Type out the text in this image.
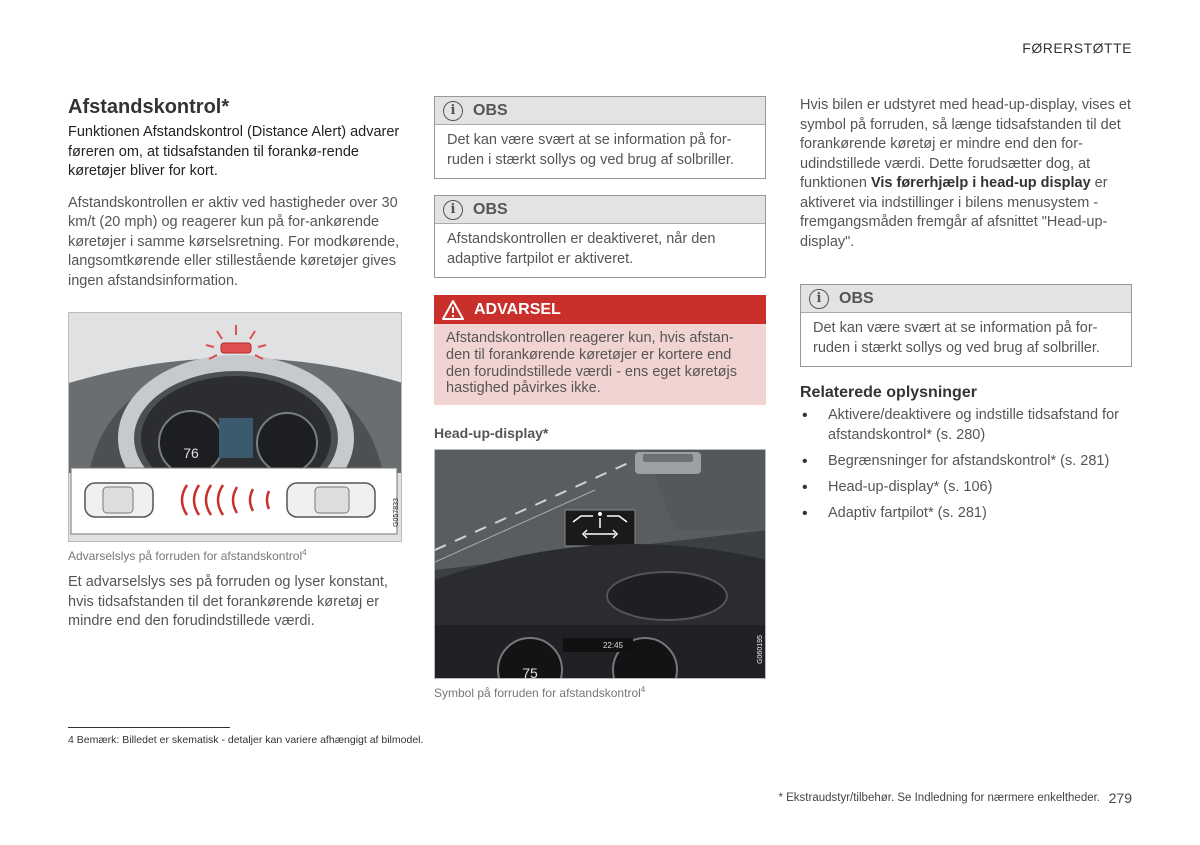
FØRERSTØTTE
Afstandskontrol*

Funktionen Afstandskontrol (Distance Alert) advarer føreren om, at tidsafstanden til forankø-rende køretøjer bliver for kort.

Afstandskontrollen er aktiv ved hastigheder over 30 km/t (20 mph) og reagerer kun på for-ankørende køretøjer i samme kørselsretning. For modkørende, langsomtkørende eller stillestående køretøjer gives ingen afstandsinformation.

76
G057833

Advarselslys på forruden for afstandskontrol$^4$

Et advarselslys ses på forruden og lyser konstant, hvis tidsafstanden til det forankørende køretøj er mindre end den forudindstillede værdi.

i	OBS
Det kan være svært at se information på for-ruden i stærkt sollys og ved brug af solbriller.
i	OBS
Afstandskontrollen er deaktiveret, når den adaptive fartpilot er aktiveret.
ADVARSEL
Afstandskontrollen reagerer kun, hvis afstan-den til forankørende køretøjer er kortere end den forudindstillede værdi - ens eget køretøjs hastighed påvirkes ikke.
Head-up-display*
22:45
75
G060195

Symbol på forruden for afstandskontrol$^4$

Hvis bilen er udstyret med head-up-display, vises et symbol på forruden, så længe tidsafstanden til det forankørende køretøj er mindre end den for-udindstillede værdi. Dette forudsætter dog, at funktionen Vis førerhjælp i head-up display er aktiveret via indstillinger i bilens menusystem - fremgangsmåden fremgår af afsnittet "Head-up-display".

i	OBS
Det kan være svært at se information på for-ruden i stærkt sollys og ved brug af solbriller.
Relaterede oplysninger
• Aktivere/deaktivere og indstille tidsafstand for afstandskontrol* (s. 280)
• Begrænsninger for afstandskontrol* (s. 281)
• Head-up-display* (s. 106)
• Adaptiv fartpilot* (s. 281)
4 Bemærk: Billedet er skematisk - detaljer kan variere afhængigt af bilmodel.
* Ekstraudstyr/tilbehør. Se Indledning for nærmere enkeltheder. 279
